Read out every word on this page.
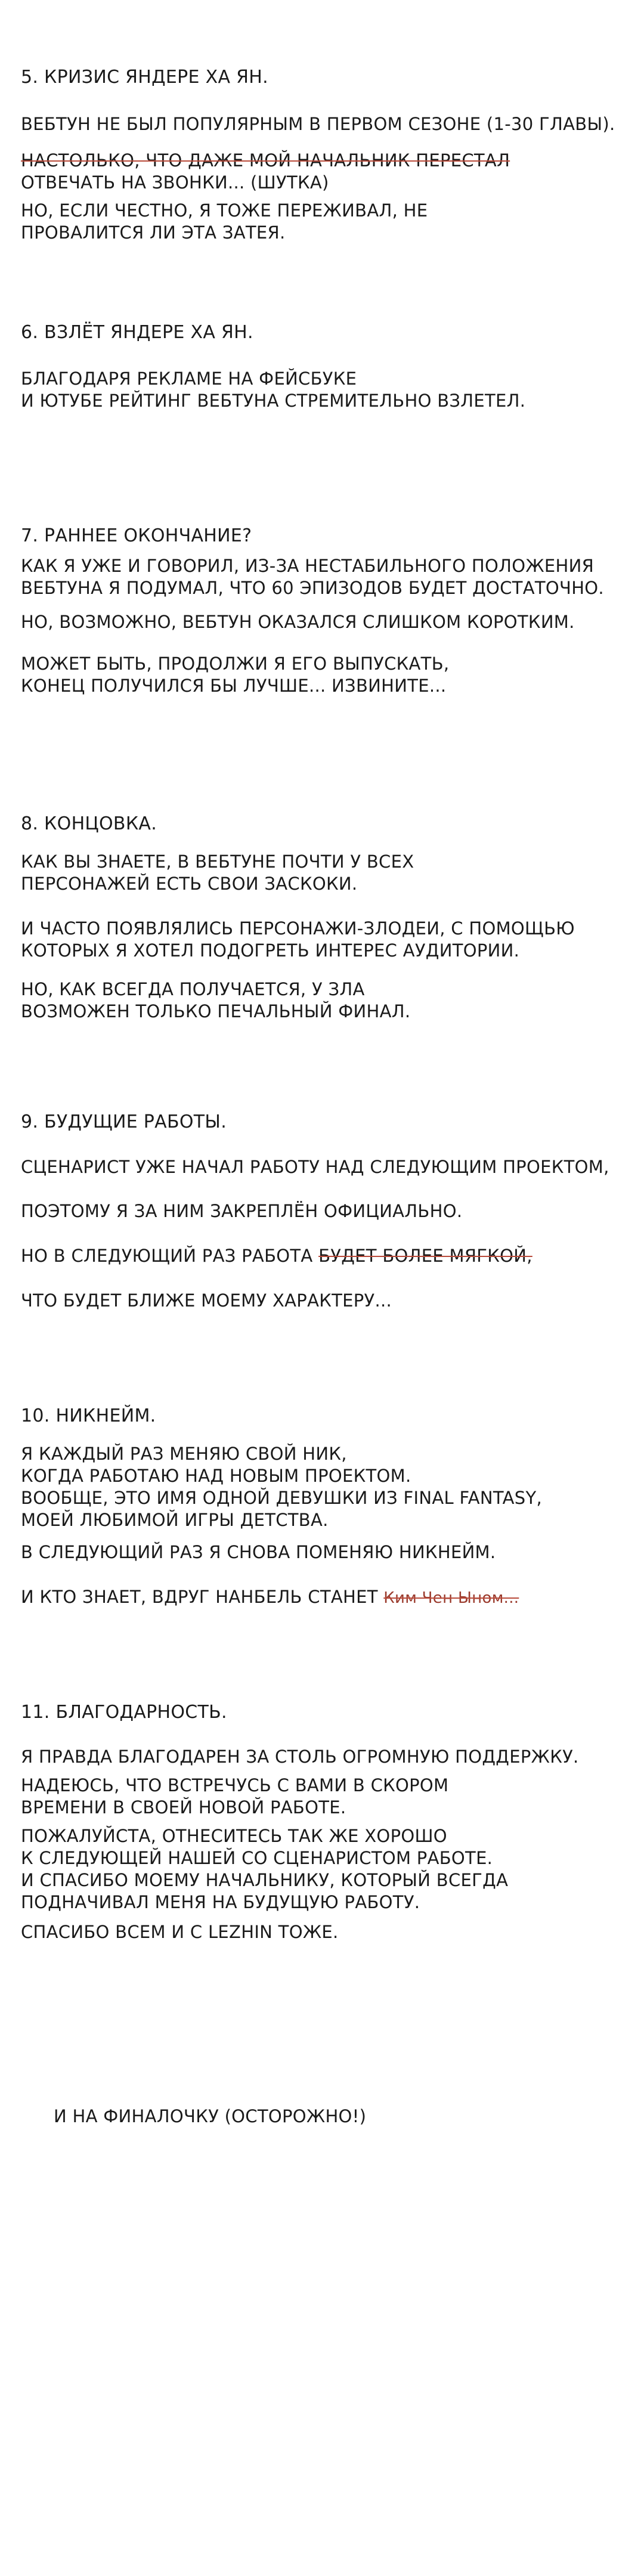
5. КРИЗИС ЯНДЕРЕ ХА ЯН.
ВЕБТУН НЕ БЫЛ ПОПУЛЯРНЫМ В ПЕРВОМ СЕЗОНЕ (1-30 ГЛАВЫ).
НАСТОЛЬКО, ЧТО ДАЖЕ МОЙ НАЧАЛЬНИК ПЕРЕСТАЛ
ОТВЕЧАТЬ НА ЗВОНКИ... (ШУТКА)
НО, ЕСЛИ ЧЕСТНО, Я ТОЖЕ ПЕРЕЖИВАЛ, НЕ
ПРОВАЛИТСЯ ЛИ ЭТА ЗАТЕЯ.
6. ВЗЛЁТ ЯНДЕРЕ ХА ЯН.
БЛАГОДАРЯ РЕКЛАМЕ НА ФЕЙСБУКЕ
И ЮТУБЕ РЕЙТИНГ ВЕБТУНА СТРЕМИТЕЛЬНО ВЗЛЕТЕЛ.
7. РАННЕЕ ОКОНЧАНИЕ?
КАК Я УЖЕ И ГОВОРИЛ, ИЗ-ЗА НЕСТАБИЛЬНОГО ПОЛОЖЕНИЯ
ВЕБТУНА Я ПОДУМАЛ, ЧТО 60 ЭПИЗОДОВ БУДЕТ ДОСТАТОЧНО.
НО, ВОЗМОЖНО, ВЕБТУН ОКАЗАЛСЯ СЛИШКОМ КОРОТКИМ.
МОЖЕТ БЫТЬ, ПРОДОЛЖИ Я ЕГО ВЫПУСКАТЬ,
КОНЕЦ ПОЛУЧИЛСЯ БЫ ЛУЧШЕ... ИЗВИНИТЕ...
8. КОНЦОВКА.
КАК ВЫ ЗНАЕТЕ, В ВЕБТУНЕ ПОЧТИ У ВСЕХ
ПЕРСОНАЖЕЙ ЕСТЬ СВОИ ЗАСКОКИ.
И ЧАСТО ПОЯВЛЯЛИСЬ ПЕРСОНАЖИ-ЗЛОДЕИ, С ПОМОЩЬЮ
КОТОРЫХ Я ХОТЕЛ ПОДОГРЕТЬ ИНТЕРЕС АУДИТОРИИ.
НО, КАК ВСЕГДА ПОЛУЧАЕТСЯ, У ЗЛА
ВОЗМОЖЕН ТОЛЬКО ПЕЧАЛЬНЫЙ ФИНАЛ.
9. БУДУЩИЕ РАБОТЫ.
СЦЕНАРИСТ УЖЕ НАЧАЛ РАБОТУ НАД СЛЕДУЮЩИМ ПРОЕКТОМ,
ПОЭТОМУ Я ЗА НИМ ЗАКРЕПЛЁН ОФИЦИАЛЬНО.
НО В СЛЕДУЮЩИЙ РАЗ РАБОТА БУДЕТ БОЛЕЕ МЯГКОЙ,
ЧТО БУДЕТ БЛИЖЕ МОЕМУ ХАРАКТЕРУ...
10. НИКНЕЙМ.
Я КАЖДЫЙ РАЗ МЕНЯЮ СВОЙ НИК,
КОГДА РАБОТАЮ НАД НОВЫМ ПРОЕКТОМ.
ВООБЩЕ, ЭТО ИМЯ ОДНОЙ ДЕВУШКИ ИЗ FINAL FANTASY,
МОЕЙ ЛЮБИМОЙ ИГРЫ ДЕТСТВА.
В СЛЕДУЮЩИЙ РАЗ Я СНОВА ПОМЕНЯЮ НИКНЕЙМ.
И КТО ЗНАЕТ, ВДРУГ НАНБЕЛЬ СТАНЕТ Ким Чен Ыном...
11. БЛАГОДАРНОСТЬ.
Я ПРАВДА БЛАГОДАРЕН ЗА СТОЛЬ ОГРОМНУЮ ПОДДЕРЖКУ.
НАДЕЮСЬ, ЧТО ВСТРЕЧУСЬ С ВАМИ В СКОРОМ
ВРЕМЕНИ В СВОЕЙ НОВОЙ РАБОТЕ.
ПОЖАЛУЙСТА, ОТНЕСИТЕСЬ ТАК ЖЕ ХОРОШО
К СЛЕДУЮЩЕЙ НАШЕЙ СО СЦЕНАРИСТОМ РАБОТЕ.
И СПАСИБО МОЕМУ НАЧАЛЬНИКУ, КОТОРЫЙ ВСЕГДА
ПОДНАЧИВАЛ МЕНЯ НА БУДУЩУЮ РАБОТУ.
СПАСИБО ВСЕМ И С LEZHIN ТОЖЕ.
И НА ФИНАЛОЧКУ (ОСТОРОЖНО!)
